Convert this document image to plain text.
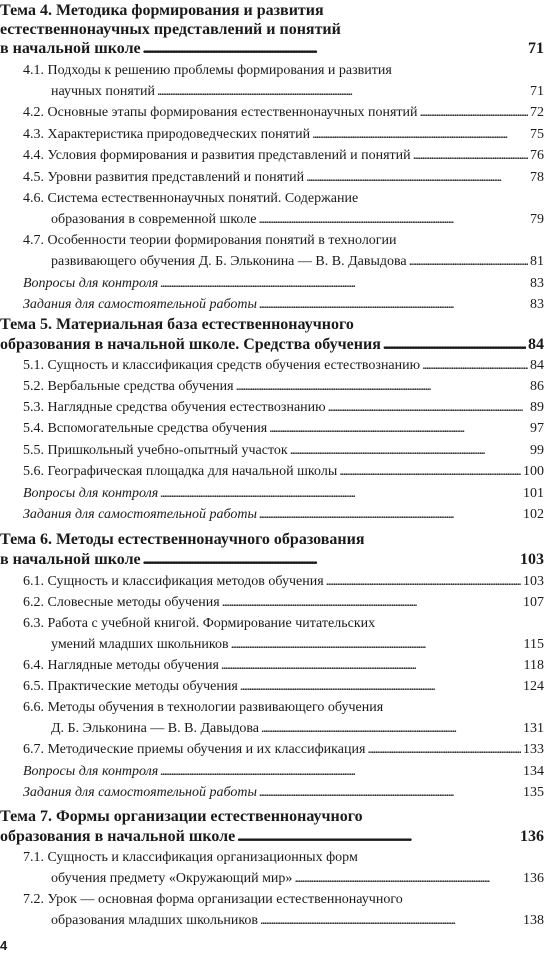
Тема 4. Методика формирования и развития
естественнонаучных представлений и понятий
в начальной школе . . .	71
4.1. Подходы к решению проблемы формирования и развития
научных понятий . . .	71
4.2. Основные этапы формирования естественнонаучных понятий . . .	72
4.3. Характеристика природоведческих понятий . . .	75
4.4. Условия формирования и развития представлений и понятий . . .	76
4.5. Уровни развития представлений и понятий . . .	78
4.6. Система естественнонаучных понятий. Содержание
образования в современной школе . . .	79
4.7. Особенности теории формирования понятий в технологии
развивающего обучения Д. Б. Эльконина — В. В. Давыдова . . .	81
Вопросы для контроля . . .	83
Задания для самостоятельной работы . . .	83
Тема 5. Материальная база естественнонаучного
образования в начальной школе. Средства обучения . . .	84
5.1. Сущность и классификация средств обучения естествознанию . . .	84
5.2. Вербальные средства обучения . . .	86
5.3. Наглядные средства обучения естествознанию . . .	89
5.4. Вспомогательные средства обучения . . .	97
5.5. Пришкольный учебно-опытный участок . . .	99
5.6. Географическая площадка для начальной школы . . .	100
Вопросы для контроля . . .	101
Задания для самостоятельной работы . . .	102
Тема 6. Методы естественнонаучного образования
в начальной школе . . .	103
6.1. Сущность и классификация методов обучения . . .	103
6.2. Словесные методы обучения . . .	107
6.3. Работа с учебной книгой. Формирование читательских
умений младших школьников . . .	115
6.4. Наглядные методы обучения . . .	118
6.5. Практические методы обучения . . .	124
6.6. Методы обучения в технологии развивающего обучения
Д. Б. Эльконина — В. В. Давыдова . . .	131
6.7. Методические приемы обучения и их классификация . . .	133
Вопросы для контроля . . .	134
Задания для самостоятельной работы . . .	135
Тема 7. Формы организации естественнонаучного
образования в начальной школе . . .	136
7.1. Сущность и классификация организационных форм
обучения предмету «Окружающий мир» . . .	136
7.2. Урок — основная форма организации естественнонаучного
образования младших школьников . . .	138
4
